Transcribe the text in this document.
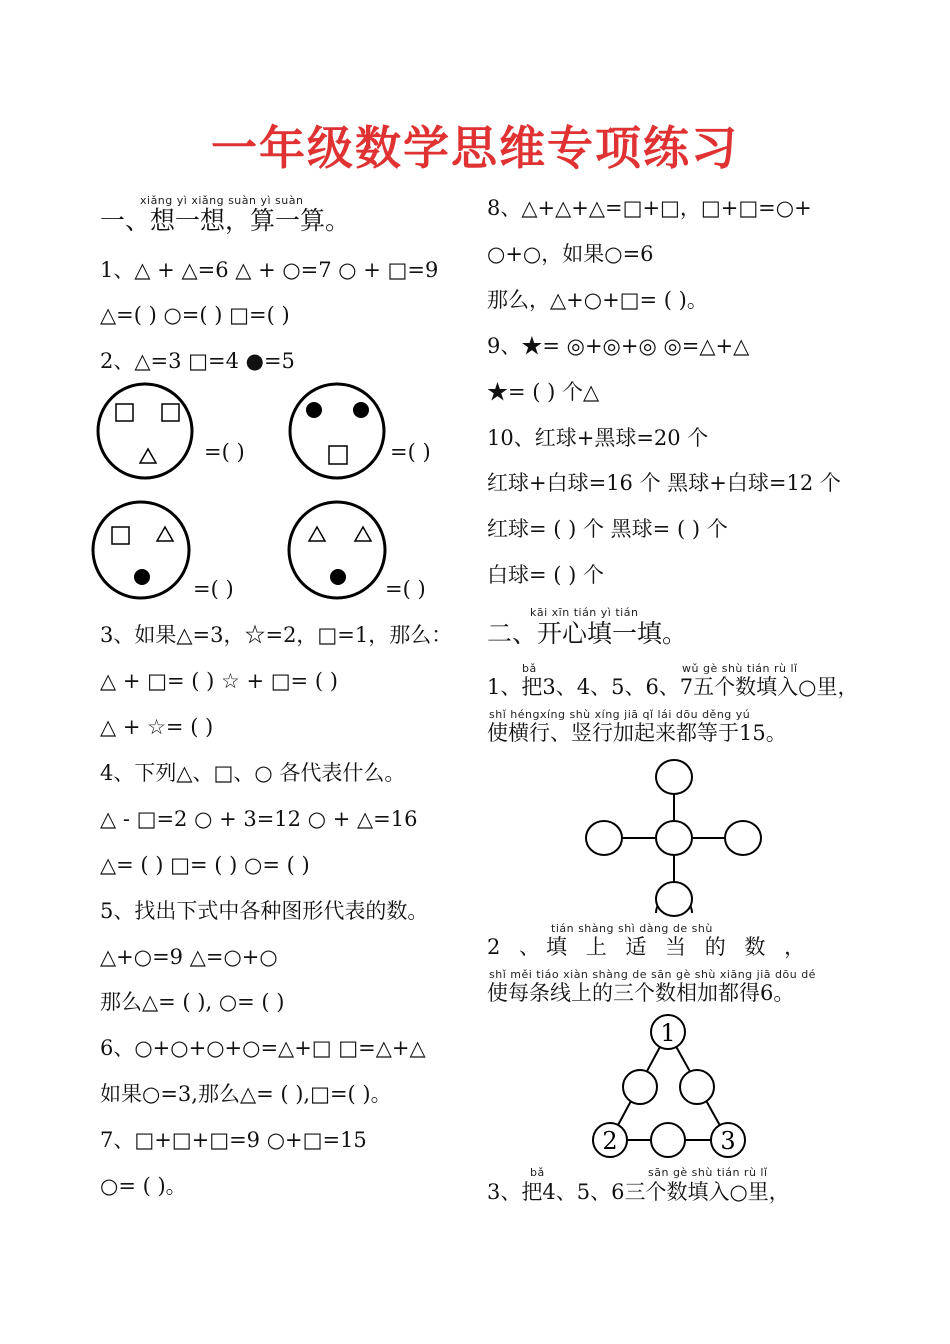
一年级数学思维专项练习
xiǎng yì xiǎng suàn yì suàn
一、想一想，算一算。
1、△ + △=6 △ + ○=7 ○ + □=9
△=( ) ○=( ) □=( )
2、△=3 □=4 ●=5
=( )	=( )
=( )	=( )
3、如果△=3，☆=2，□=1，那么：
△ + □= ( ) ☆ + □= ( )
△ + ☆= ( )
4、下列△、□、○ 各代表什么。
△ - □=2 ○ + 3=12 ○ + △=16
△= ( ) □= ( ) ○= ( )
5、找出下式中各种图形代表的数。
△+○=9 △=○+○
那么△= ( ), ○= ( )
6、○+○+○+○=△+□ □=△+△
如果○=3,那么△= ( ),□=( )。
7、□+□+□=9 ○+□=15
○= ( )。
8、△+△+△=□+□，□+□=○+
○+○，如果○=6
那么，△+○+□= ( )。
9、★= ◎+◎+◎ ◎=△+△
★= ( ) 个△
10、红球+黑球=20 个
红球+白球=16 个 黑球+白球=12 个
红球= ( ) 个 黑球= ( ) 个
白球= ( ) 个
kāi xīn tián yì tián
二、开心填一填。
bǎ	wǔ gè shù tián rù lǐ
1、把3、4、5、6、7五个数填入○里，
shǐ héngxíng shù xíng jiā qǐ lái dōu děng yú
使横行、竖行加起来都等于15。
tián shàng shì dàng de shù
2 、填 上 适 当 的 数 ，
shǐ měi tiáo xiàn shàng de sān gè shù xiāng jiā dōu dé
使每条线上的三个数相加都得6。
1
2	3
bǎ	sān gè shù tián rù lǐ
3、把4、5、6三个数填入○里，
